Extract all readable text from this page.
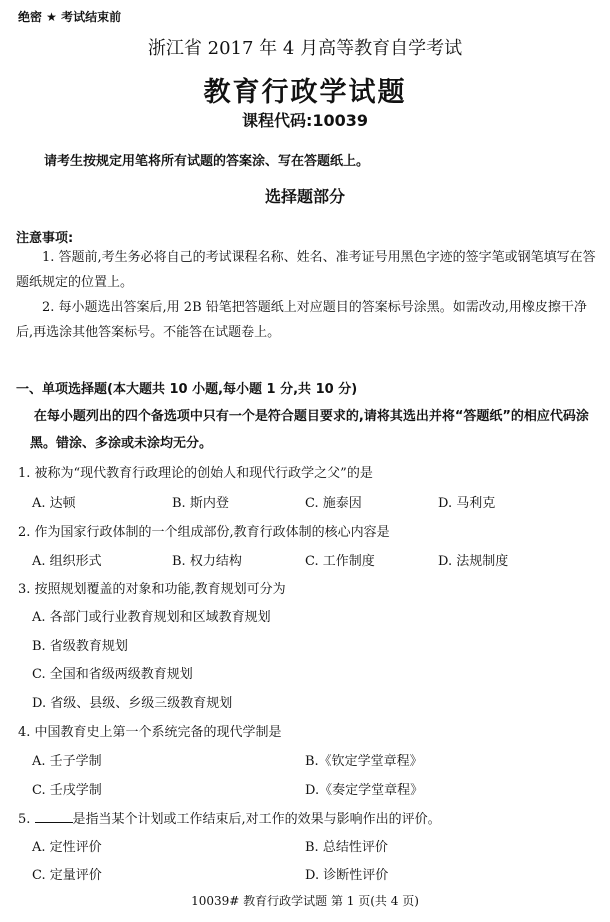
绝密 ★ 考试结束前
浙江省 2017 年 4 月高等教育自学考试
教育行政学试题
课程代码:10039
请考生按规定用笔将所有试题的答案涂、写在答题纸上。
选择题部分
注意事项:
1. 答题前,考生务必将自己的考试课程名称、姓名、准考证号用黑色字迹的签字笔或钢笔填写在答题纸规定的位置上。
2. 每小题选出答案后,用 2B 铅笔把答题纸上对应题目的答案标号涂黑。如需改动,用橡皮擦干净后,再选涂其他答案标号。不能答在试题卷上。
一、单项选择题(本大题共 10 小题,每小题 1 分,共 10 分)
在每小题列出的四个备选项中只有一个是符合题目要求的,请将其选出并将“答题纸”的相应代码涂黑。错涂、多涂或未涂均无分。
1. 被称为“现代教育行政理论的创始人和现代行政学之父”的是
A. 达顿	B. 斯内登	C. 施泰因	D. 马利克
2. 作为国家行政体制的一个组成部份,教育行政体制的核心内容是
A. 组织形式	B. 权力结构	C. 工作制度	D. 法规制度
3. 按照规划覆盖的对象和功能,教育规划可分为
A. 各部门或行业教育规划和区域教育规划
B. 省级教育规划
C. 全国和省级两级教育规划
D. 省级、县级、乡级三级教育规划
4. 中国教育史上第一个系统完备的现代学制是
A. 壬子学制	B.《钦定学堂章程》
C. 壬戌学制	D.《奏定学堂章程》
5.	是指当某个计划或工作结束后,对工作的效果与影响作出的评价。
A. 定性评价	B. 总结性评价
C. 定量评价	D. 诊断性评价
10039# 教育行政学试题 第 1 页(共 4 页)
